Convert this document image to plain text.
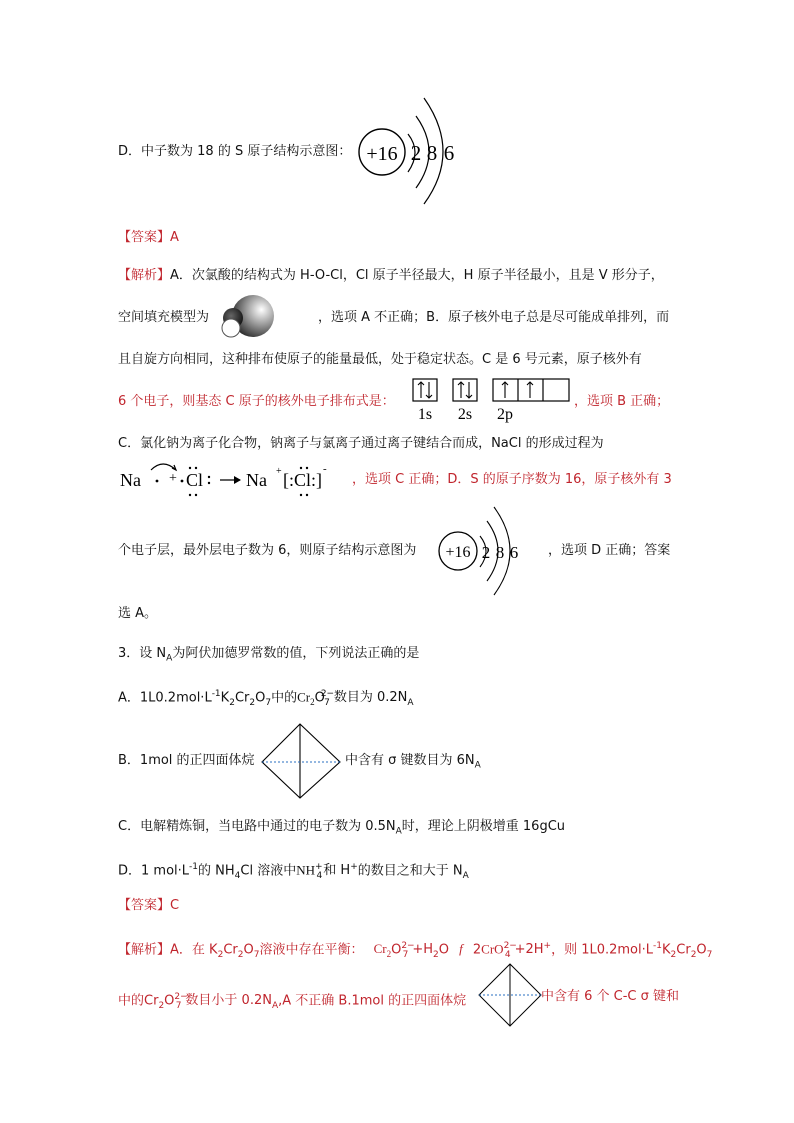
D．中子数为 18 的 S 原子结构示意图： +16 2 8 6
【答案】A
【解析】A．次氯酸的结构式为 H-O-Cl，Cl 原子半径最大，H 原子半径最小，且是 V 形分子，
空间填充模型为	，选项 A 不正确；B．原子核外电子总是尽可能成单排列，而
且自旋方向相同，这种排布使原子的能量最低，处于稳定状态。C 是 6 号元素，原子核外有
6 个电子，则基态 C 原子的核外电子排布式是：
1s 2s 2p
，选项 B 正确；
C．氯化钠为离子化合物，钠离子与氯离子通过离子键结合而成，NaCl 的形成过程为
Na + Cl Na + [:Cl:]
-
，选项 C 正确；D．S 的原子序数为 16，原子核外有 3
个电子层，最外层电子数为 6，则原子结构示意图为 +16 2 8 6 ，选项 D 正确；答案
选 A。
3．设 $N_A$为阿伏加德罗常数的值，下列说法正确的是
A．$1L0.2mol\cdot L^{-1}K_2Cr_2O_7$中的$Cr_2O^{2-}_7$ 数目为 $0.2N_A$
B．1mol 的正四面体烷	中含有 σ 键数目为 $6N_A$
C．电解精炼铜，当电路中通过的电子数为 $0.5N_A$时，理论上阴极增重 16gCu
D．1 $mol\cdot L^{-1}$的 $NH_4Cl$ 溶液中$NH^+_4$和 H+的数目之和大于 $N_A$
【答案】C
【解析】A．在 $K_2Cr_2O_7$溶液中存在平衡： $Cr_2O^{2-}_7 +H_2O$ f 2CrO$^{2-}_4$ +2H+，则 $1L0.2mol\cdot L^{-1}K_2Cr_2O_7$
中的$Cr_2O^{2-}_7$ 数目小于 $0.2N_A,A$ 不正确 B.1mol 的正四面体烷	中含有 6 个 C-C σ 键和
